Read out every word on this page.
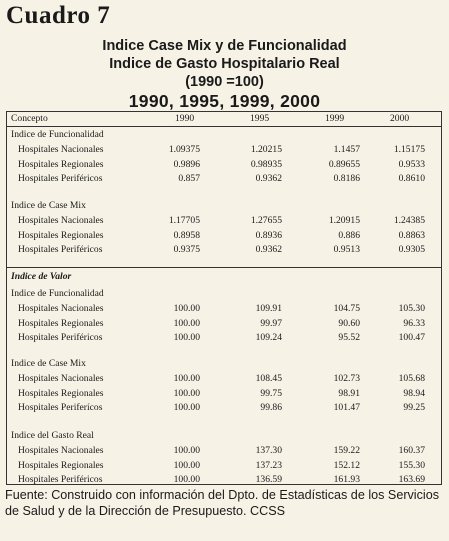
Cuadro 7
Indice Case Mix y de Funcionalidad
Indice de Gasto Hospitalario Real
(1990 =100)
1990, 1995, 1999, 2000
Concepto	1990	1995	1999	2000
Indice de Funcionalidad
Hospitales Nacionales	1.09375	1.20215	1.1457	1.15175
Hospitales Regionales	0.9896	0.98935	0.89655	0.9533
Hospitales Periféricos	0.857	0.9362	0.8186	0.8610
Indice de Case Mix
Hospitales Nacionales	1.17705	1.27655	1.20915	1.24385
Hospitales Regionales	0.8958	0.8936	0.886	0.8863
Hospitales Periféricos	0.9375	0.9362	0.9513	0.9305
Indice de Valor
Indice de Funcionalidad
Hospitales Nacionales	100.00	109.91	104.75	105.30
Hospitales Regionales	100.00	99.97	90.60	96.33
Hospitales Periféricos	100.00	109.24	95.52	100.47
Indice de Case Mix
Hospitales Nacionales	100.00	108.45	102.73	105.68
Hospitales Regionales	100.00	99.75	98.91	98.94
Hospitales Periferícos	100.00	99.86	101.47	99.25
Indice del Gasto Real
Hospitales Nacionales	100.00	137.30	159.22	160.37
Hospitales Regionales	100.00	137.23	152.12	155.30
Hospitales Periféricos	100.00	136.59	161.93	163.69
Fuente: Construido con información del Dpto. de Estadísticas de los Servicios de Salud y de la Dirección de Presupuesto. CCSS
